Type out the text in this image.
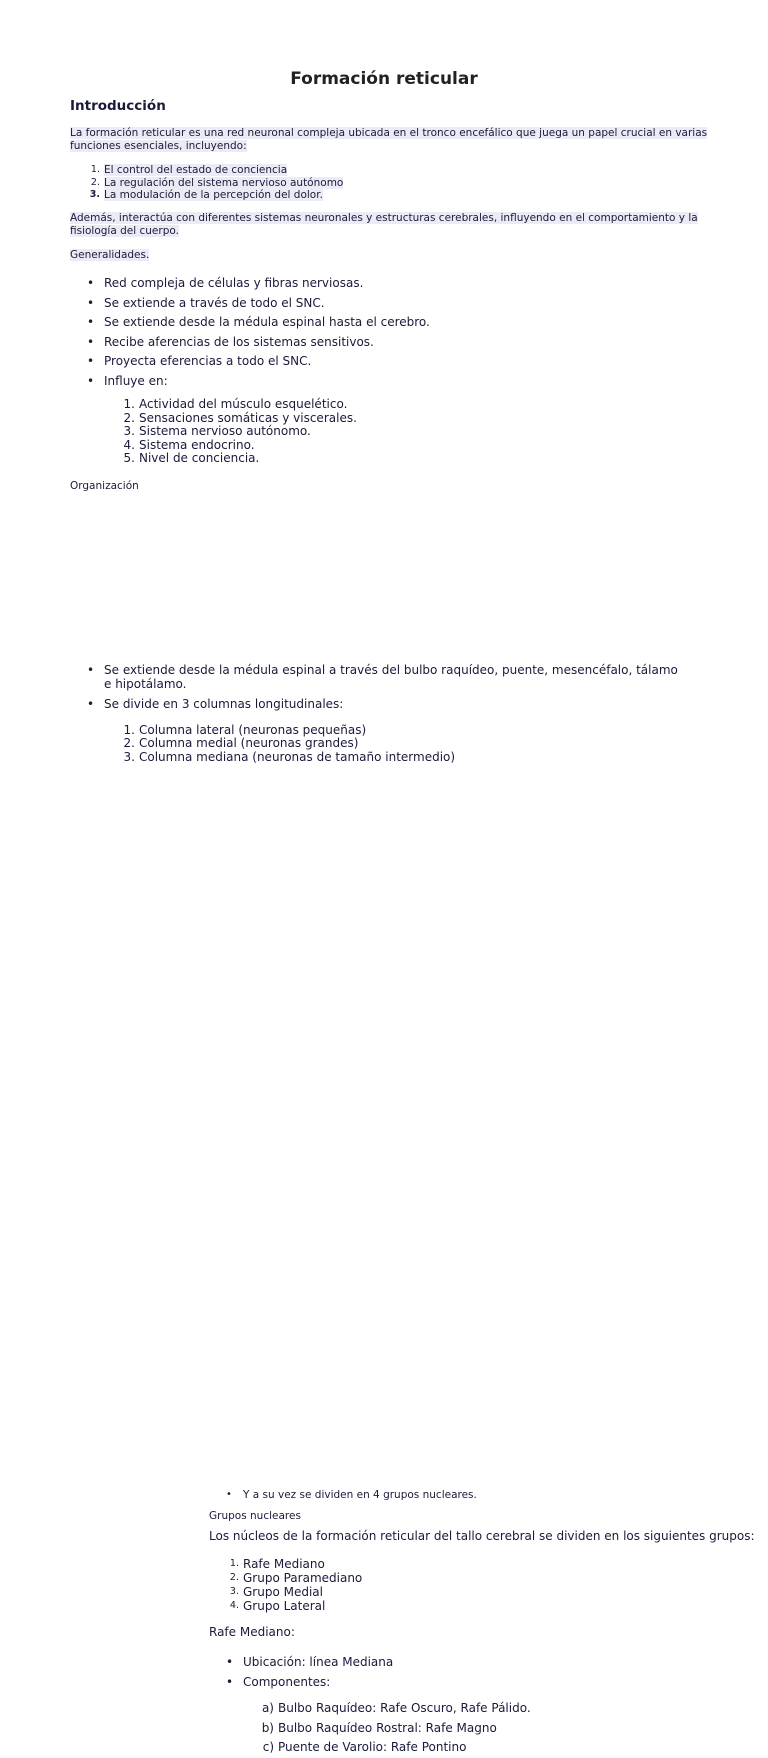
Formación reticular
Introducción

La formación reticular es una red neuronal compleja ubicada en el tronco encefálico que juega un papel crucial en varias funciones esenciales, incluyendo:

1. El control del estado de conciencia
2. La regulación del sistema nervioso autónomo
3. La modulación de la percepción del dolor.

Además, interactúa con diferentes sistemas neuronales y estructuras cerebrales, influyendo en el comportamiento y la fisiología del cuerpo.

Generalidades.

• Red compleja de células y fibras nerviosas.
• Se extiende a través de todo el SNC.
• Se extiende desde la médula espinal hasta el cerebro.
• Recibe aferencias de los sistemas sensitivos.
• Proyecta eferencias a todo el SNC.
• Influye en:
1. Actividad del músculo esquelético.
2. Sensaciones somáticas y viscerales.
3. Sistema nervioso autónomo.
4. Sistema endocrino.
5. Nivel de conciencia.

Organización

• Se extiende desde la médula espinal a través del bulbo raquídeo, puente, mesencéfalo, tálamo e hipotálamo.
• Se divide en 3 columnas longitudinales:
1. Columna lateral (neuronas pequeñas)
2. Columna medial (neuronas grandes)
3. Columna mediana (neuronas de tamaño intermedio)
• Y a su vez se dividen en 4 grupos nucleares.

Grupos nucleares

Los núcleos de la formación reticular del tallo cerebral se dividen en los siguientes grupos:

1. Rafe Mediano
2. Grupo Paramediano
3. Grupo Medial
4. Grupo Lateral

Rafe Mediano:

• Ubicación: línea Mediana
• Componentes:
a) Bulbo Raquídeo: Rafe Oscuro, Rafe Pálido.
b) Bulbo Raquídeo Rostral: Rafe Magno
c) Puente de Varolio: Rafe Pontino
